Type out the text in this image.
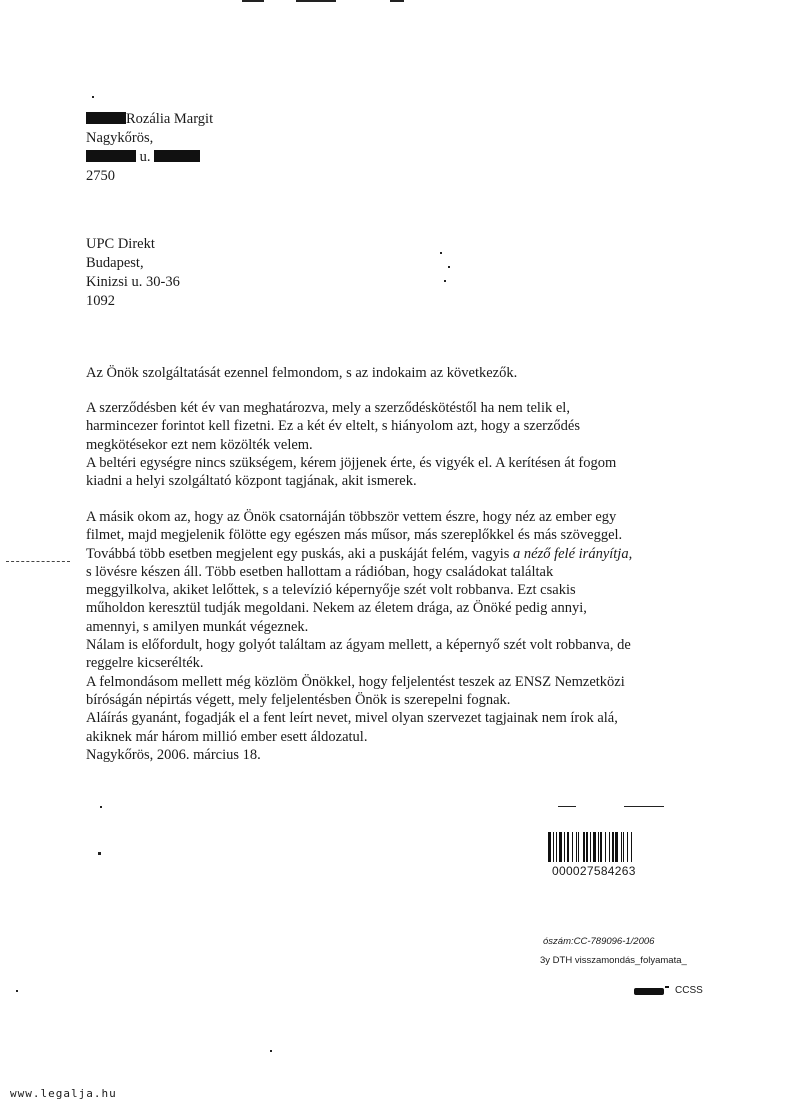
Rozália Margit
Nagykőrös,
u.
2750
UPC Direkt
Budapest,
Kinizsi u. 30-36
1092
Az Önök szolgáltatását ezennel felmondom, s az indokaim az következők.
A szerződésben két év van meghatározva, mely a szerződéskötéstől ha nem telik el,
harmincezer forintot kell fizetni. Ez a két év eltelt, s hiányolom azt, hogy a szerződés
megkötésekor ezt nem közölték velem.
A beltéri egységre nincs szükségem, kérem jöjjenek érte, és vigyék el. A kerítésen át fogom
kiadni a helyi szolgáltató központ tagjának, akit ismerek.
A másik okom az, hogy az Önök csatornáján többször vettem észre, hogy néz az ember egy
filmet, majd megjelenik fölötte egy egészen más műsor, más szereplőkkel és más szöveggel.
Továbbá több esetben megjelent egy puskás, aki a puskáját felém, vagyis a néző felé irányítja,
s lövésre készen áll. Több esetben hallottam a rádióban, hogy családokat találtak
meggyilkolva, akiket lelőttek, s a televízió képernyője szét volt robbanva. Ezt csakis
műholdon keresztül tudják megoldani. Nekem az életem drága, az Önöké pedig annyi,
amennyi, s amilyen munkát végeznek.
Nálam is előfordult, hogy golyót találtam az ágyam mellett, a képernyő szét volt robbanva, de
reggelre kicserélték.
A felmondásom mellett még közlöm Önökkel, hogy feljelentést teszek az ENSZ Nemzetközi
bíróságán népirtás végett, mely feljelentésben Önök is szerepelni fognak.
Aláírás gyanánt, fogadják el a fent leírt nevet, mivel olyan szervezet tagjainak nem írok alá,
akiknek már három millió ember esett áldozatul.
Nagykőrös, 2006. március 18.
000027584263
ószám:CC-789096-1/2006
3y DTH visszamondás_folyamata_
CCSS
www.legalja.hu
